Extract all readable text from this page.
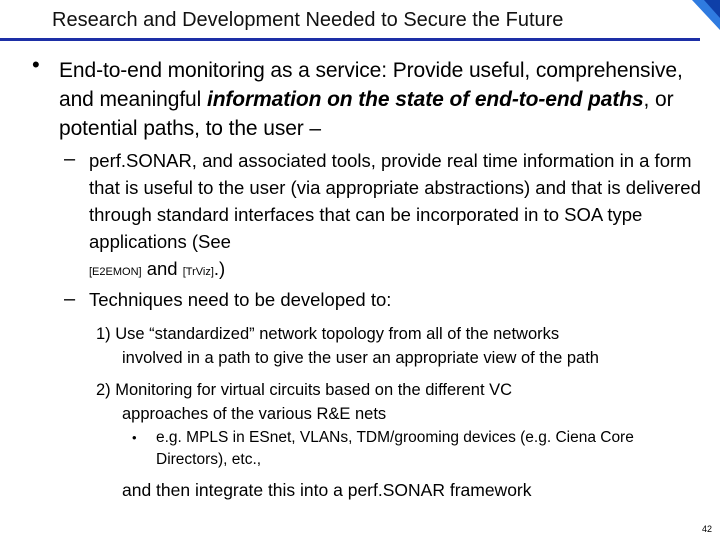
Research and Development Needed to Secure the Future
• End-to-end monitoring as a service: Provide useful, comprehensive, and meaningful information on the state of end-to-end paths, or potential paths, to the user –
– perf.SONAR, and associated tools, provide real time information in a form that is useful to the user (via appropriate abstractions) and that is delivered through standard interfaces that can be incorporated in to SOA type applications (See
[E2EMON] and [TrViz].)
– Techniques need to be developed to:
1) Use “standardized” network topology from all of the networks
involved in a path to give the user an appropriate view of the path
2) Monitoring for virtual circuits based on the different VC
approaches of the various R&E nets
• e.g. MPLS in ESnet, VLANs, TDM/grooming devices (e.g. Ciena Core Directors), etc.,
and then integrate this into a perf.SONAR framework
42
